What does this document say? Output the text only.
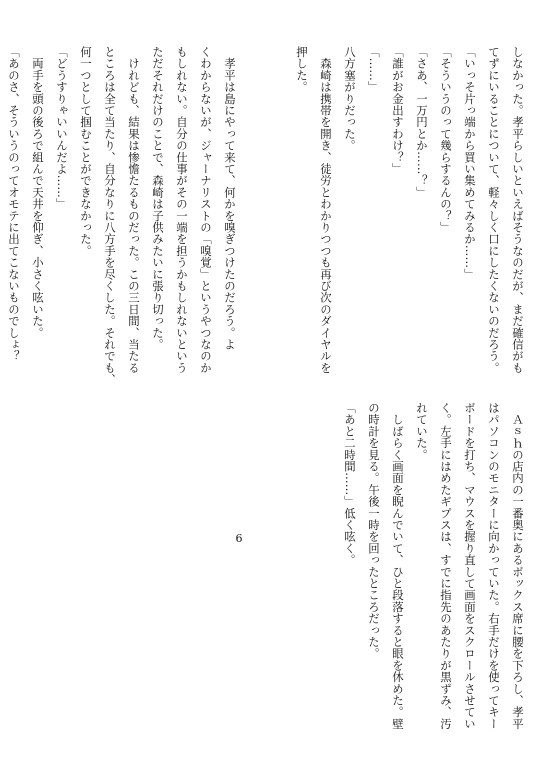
しなかった。孝平らしいといえばそうなのだが、まだ確信がも

てずにいることについて、軽々しく口にしたくないのだろう。

「いっそ片っ端から買い集めてみるか……」

「そういうのって幾らするんの？」

「さあ、一万円とか……？」

「誰がお金出すわけ？」

「……」

八方塞がりだった。

　森崎は携帯を開き、徒労とわかりつつも再び次のダイヤルを

押した。

　孝平は島にやって来て、何かを嗅ぎつけたのだろう。よ

くわからないが、ジャーナリストの「嗅覚」というやつなのか

もしれない。自分の仕事がその一端を担うかもしれないという

ただそれだけのことで、森崎は子供みたいに張り切った。

　けれども、結果は惨憺たるものだった。この三日間、当たる

ところは全て当たり、自分なりに八方手を尽くした。それでも、

何一つとして掴むことができなかった。

「どうすりゃいいんだよ……」

　両手を頭の後ろで組んで天井を仰ぎ、小さく呟いた。

「あのさ、そういうのってオモテに出てこないものでしょ？

6	　Ａｓｈの店内の一番奥にあるボックス席に腰を下ろし、孝平

はパソコンのモニターに向かっていた。右手だけを使ってキー

ボードを打ち、マウスを握り直して画面をスクロールさせてい

く。左手にはめたギプスは、すでに指先のあたりが黒ずみ、汚

れていた。

　しばらく画面を睨んでいて、ひと段落すると眼を休めた。壁

の時計を見る。午後一時を回ったところだった。

「あと二時間……」低く呟く。
